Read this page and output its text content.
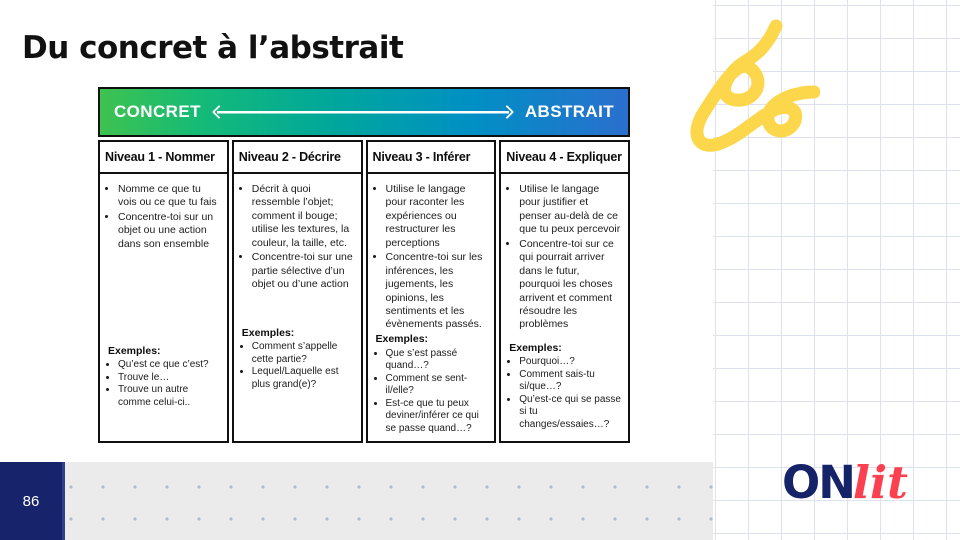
Du concret à l’abstrait
CONCRET	ABSTRAIT
Niveau 1 - Nommer
• Nomme ce que tu vois ou ce que tu fais
• Concentre-toi sur un objet ou une action dans son ensemble
Exemples:
• Qu’est ce que c’est?
• Trouve le…
• Trouve un autre comme celui-ci..
Niveau 2 - Décrire
• Décrit à quoi ressemble l’objet; comment il bouge; utilise les textures, la couleur, la taille, etc.
• Concentre-toi sur une partie sélective d’un objet ou d’une action
Exemples:
• Comment s’appelle cette partie?
• Lequel/Laquelle est plus grand(e)?
Niveau 3 - Inférer
• Utilise le langage pour raconter les expériences ou restructurer les perceptions
• Concentre-toi sur les inférences, les jugements, les opinions, les sentiments et les évènements passés.
Exemples:
• Que s’est passé quand…?
• Comment se sent-il/elle?
• Est-ce que tu peux deviner/inférer ce qui se passe quand…?
Niveau 4 - Expliquer
• Utilise le langage pour justifier et penser au-delà de ce que tu peux percevoir
• Concentre-toi sur ce qui pourrait arriver dans le futur, pourquoi les choses arrivent et comment résoudre les problèmes
Exemples:
• Pourquoi…?
• Comment sais-tu si/que…?
• Qu’est-ce qui se passe si tu changes/essaies…?
86	ONlit
